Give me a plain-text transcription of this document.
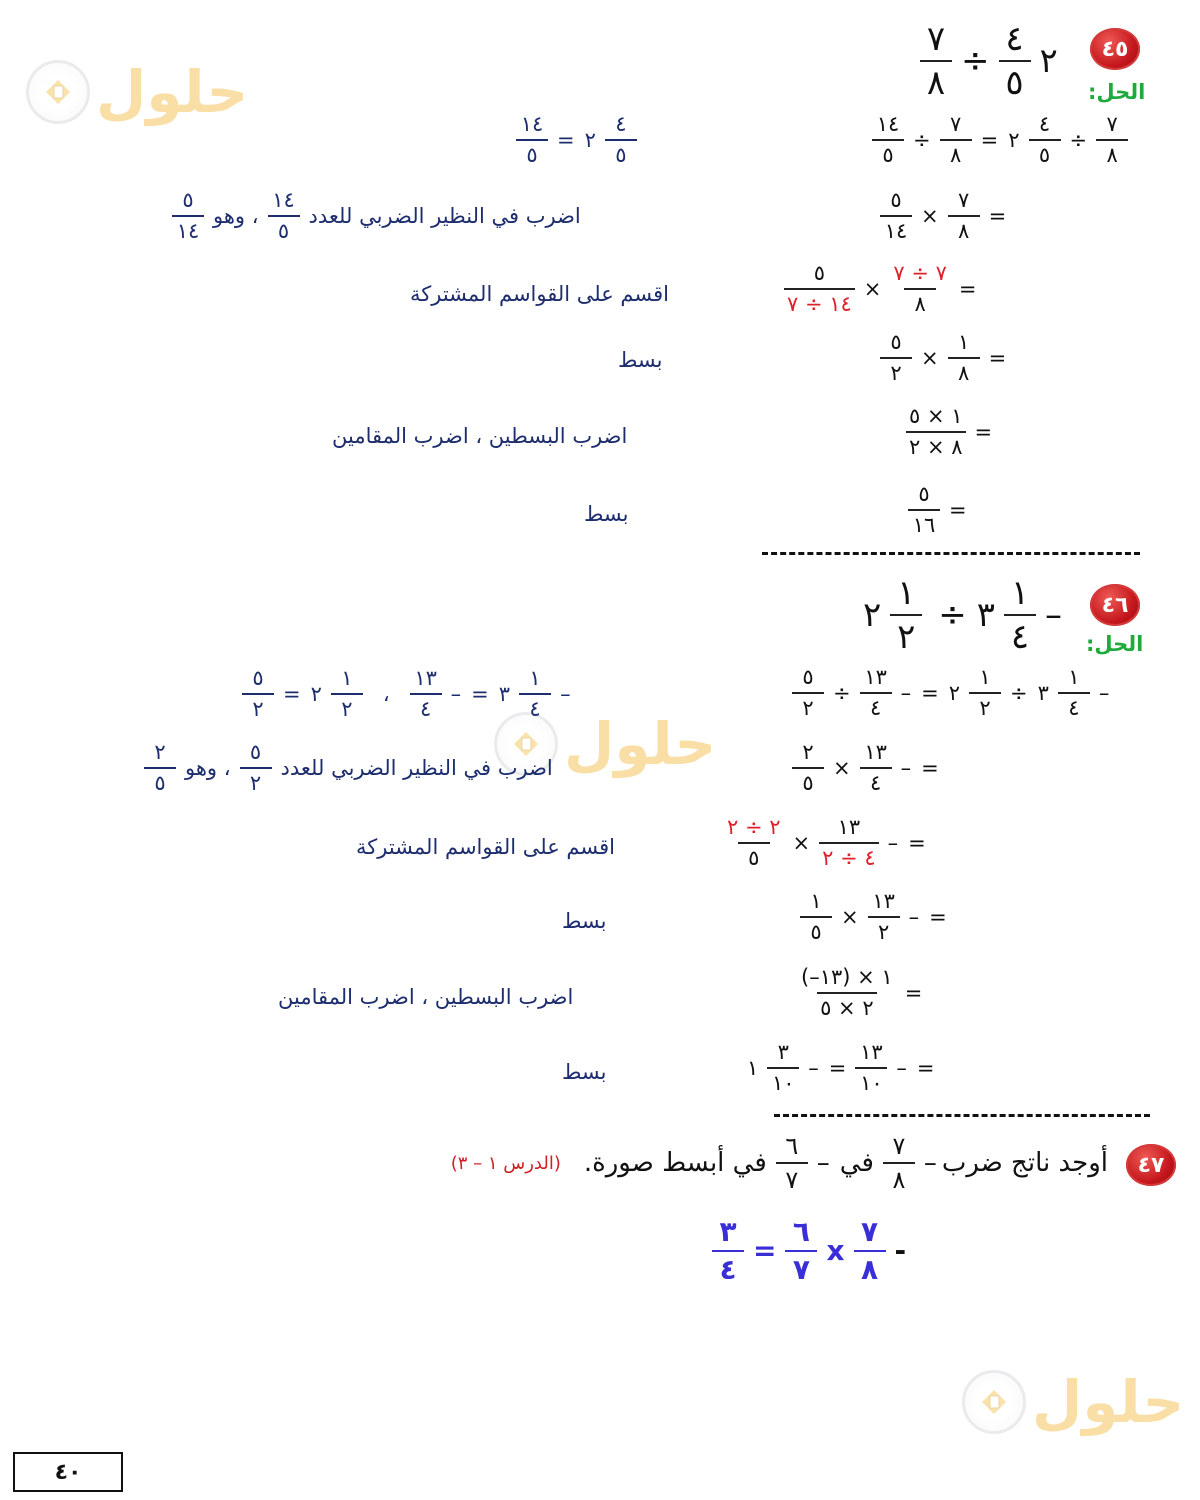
حلول
حلول
حلول
٤٥
٧
٨
÷
٤
٥
٢
الحل:
١٤
٥
÷
٧
٨
= ٢
٤
٥
÷
٧
٨
٥
١٤
×
٧
٨
=
٥
١٤ ÷ ٧
×
٧ ÷ ٧
٨
=
٥
٢
×
١
٨
=
١ × ٥
٨ × ٢
=
٥
١٦
=
١٤
٥
= ٢
٤
٥
٥
١٤
، وهو
١٤
٥
اضرب في النظير الضربي للعدد
اقسم على القواسم المشتركة
بسط
اضرب البسطين ، اضرب المقامين
بسط
٤٦
٢
١
٢
÷ ٣
١
٤
–
الحل:
٥
٢
÷
١٣
٤
– = ٢
١
٢
÷ ٣
١
٤
–
٢
٥
×
١٣
٤
– =
٢ ÷ ٢
٥
×
١٣
٤ ÷ ٢
– =
١
٥
×
١٣
٢
– =
(–١٣) × ١
٢ × ٥
=
١
٣
١٠
– =
١٣
١٠
– =
٥
٢
= ٢
١
٢
،
١٣
٤
– = ٣
١
٤
–
٢
٥
، وهو
٥
٢
اضرب في النظير الضربي للعدد
اقسم على القواسم المشتركة
بسط
اضرب البسطين ، اضرب المقامين
بسط
٤٧
أوجد ناتج ضرب
–
٧
٨
في
–
٦
٧
في أبسط صورة.
(الدرس ١ – ٣)
٣
٤
=
٦
٧
x
٧
٨
-
٤٠
